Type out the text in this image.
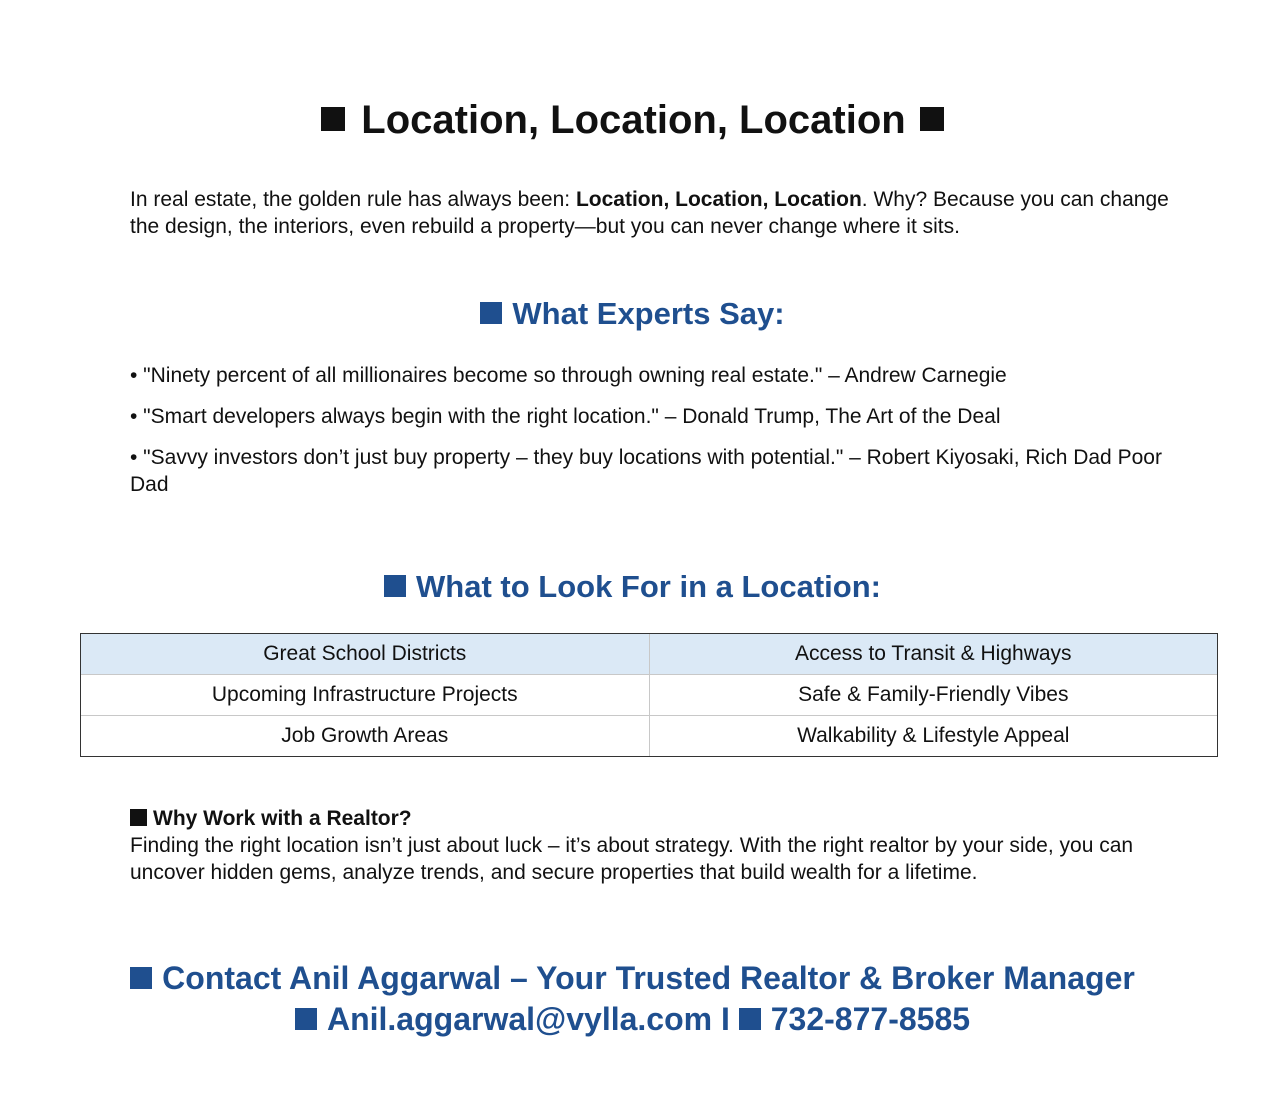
Location, Location, Location

In real estate, the golden rule has always been: Location, Location, Location. Why? Because you can change the design, the interiors, even rebuild a property—but you can never change where it sits.

What Experts Say:
• "Ninety percent of all millionaires become so through owning real estate." – Andrew Carnegie
• "Smart developers always begin with the right location." – Donald Trump, The Art of the Deal
• "Savvy investors don’t just buy property – they buy locations with potential." – Robert Kiyosaki, Rich Dad Poor Dad
What to Look For in a Location:
Great School Districts	Access to Transit & Highways
Upcoming Infrastructure Projects	Safe & Family-Friendly Vibes
Job Growth Areas	Walkability & Lifestyle Appeal
Why Work with a Realtor?
Finding the right location isn’t just about luck – it’s about strategy. With the right realtor by your side, you can uncover hidden gems, analyze trends, and secure properties that build wealth for a lifetime.

Contact Anil Aggarwal – Your Trusted Realtor & Broker Manager

Anil.aggarwal@vylla.com I 732-877-8585
